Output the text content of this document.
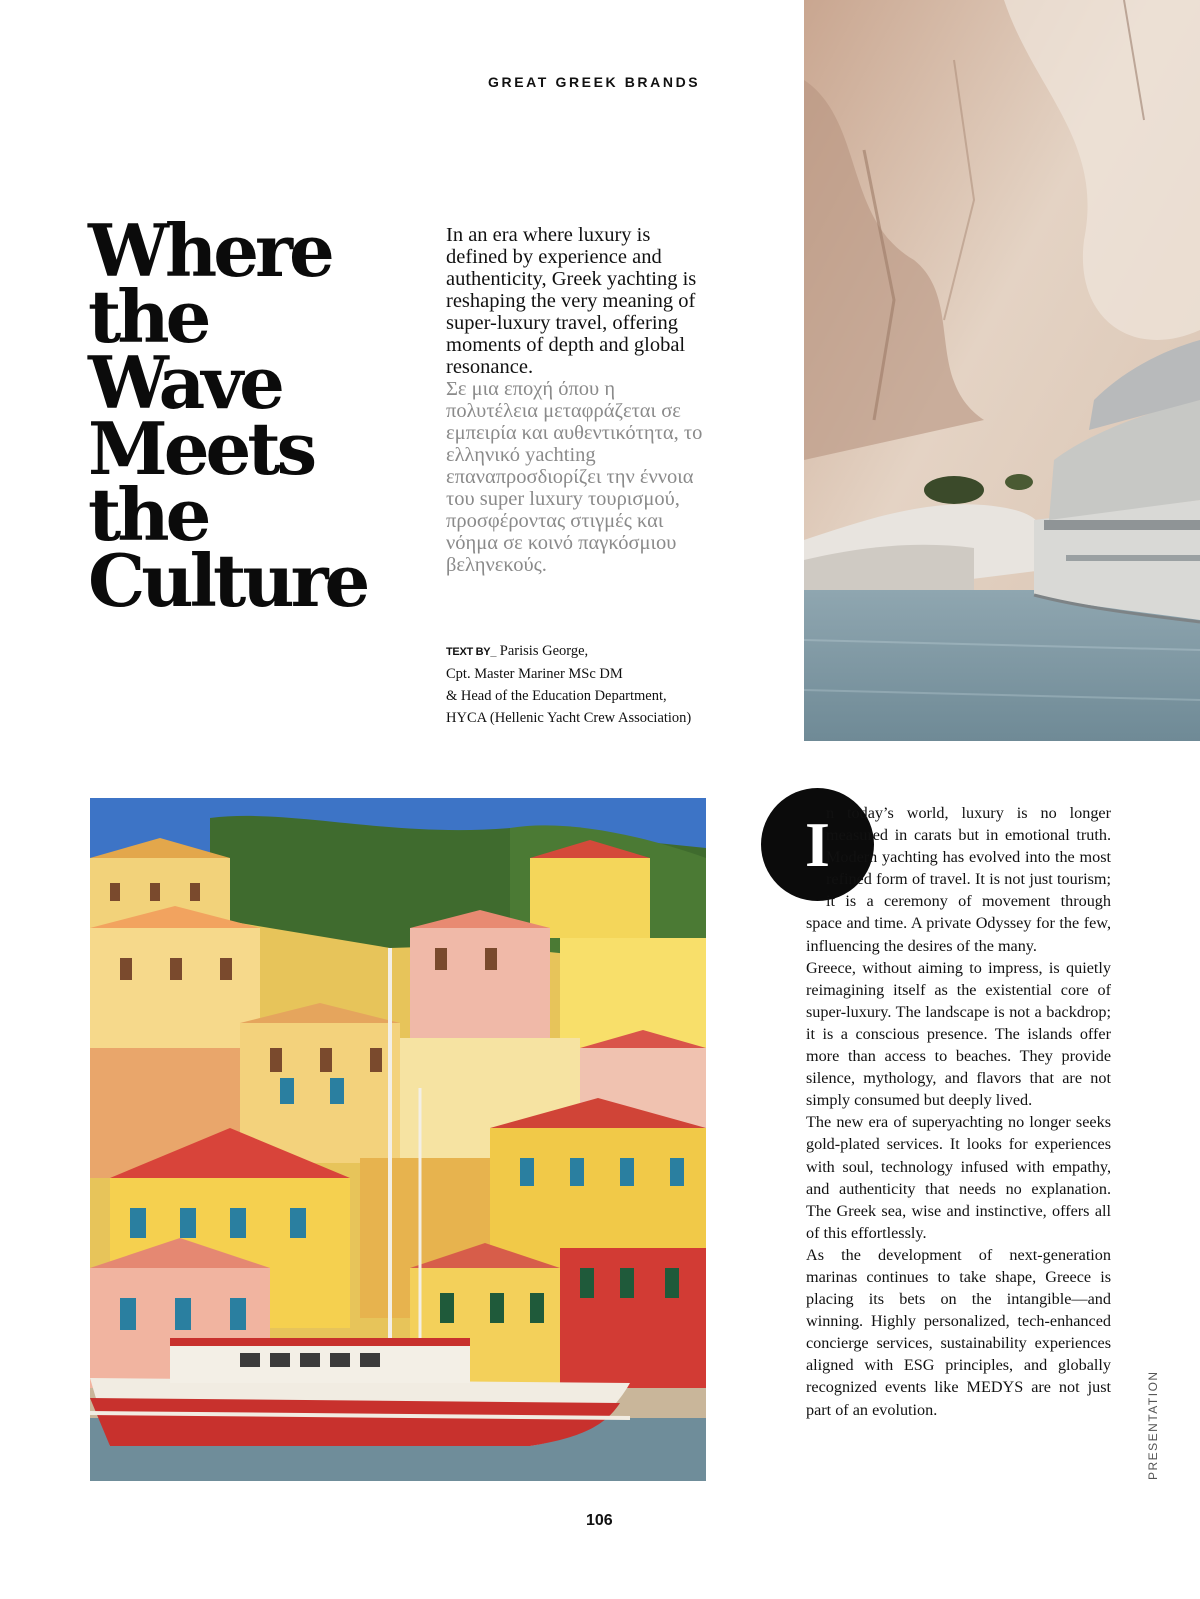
GREAT GREEK BRANDS
Where
the
Wave
Meets
the
Culture
In an era where luxury is defined by experience and authenticity, Greek yachting is reshaping the very meaning of super-luxury travel, offering moments of depth and global resonance.
Σε μια εποχή όπου η πολυτέλεια μεταφράζεται σε εμπειρία και αυθεντικότητα, το ελληνικό yachting επαναπροσδιορίζει την έννοια του super luxury τουρισμού, προσφέροντας στιγμές και νόημα σε κοινό παγκόσμιου βεληνεκούς.
TEXT BY_ Parisis George,
Cpt. Master Mariner MSc DM
& Head of the Education Department,
HYCA (Hellenic Yacht Crew Association)
I

n today’s world, luxury is no longer measured in carats but in emotional truth. Modern yachting has evolved into the most refined form of travel. It is not just tourism; it is a ceremony of movement through space and time. A private Odyssey for the few, influencing the desires of the many.

Greece, without aiming to impress, is quietly reimagining itself as the existential core of super-luxury. The landscape is not a backdrop; it is a conscious presence. The islands offer more than access to beaches. They provide silence, mythology, and flavors that are not simply consumed but deeply lived.

The new era of superyachting no longer seeks gold-plated services. It looks for experiences with soul, technology infused with empathy, and authenticity that needs no explanation. The Greek sea, wise and instinctive, offers all of this effortlessly.

As the development of next-generation marinas continues to take shape, Greece is placing its bets on the intangible—and winning. Highly personalized, tech-enhanced concierge services, sustainability experiences aligned with ESG principles, and globally recognized events like MEDYS are not just part of an evolution.	PRESENTATION
106
